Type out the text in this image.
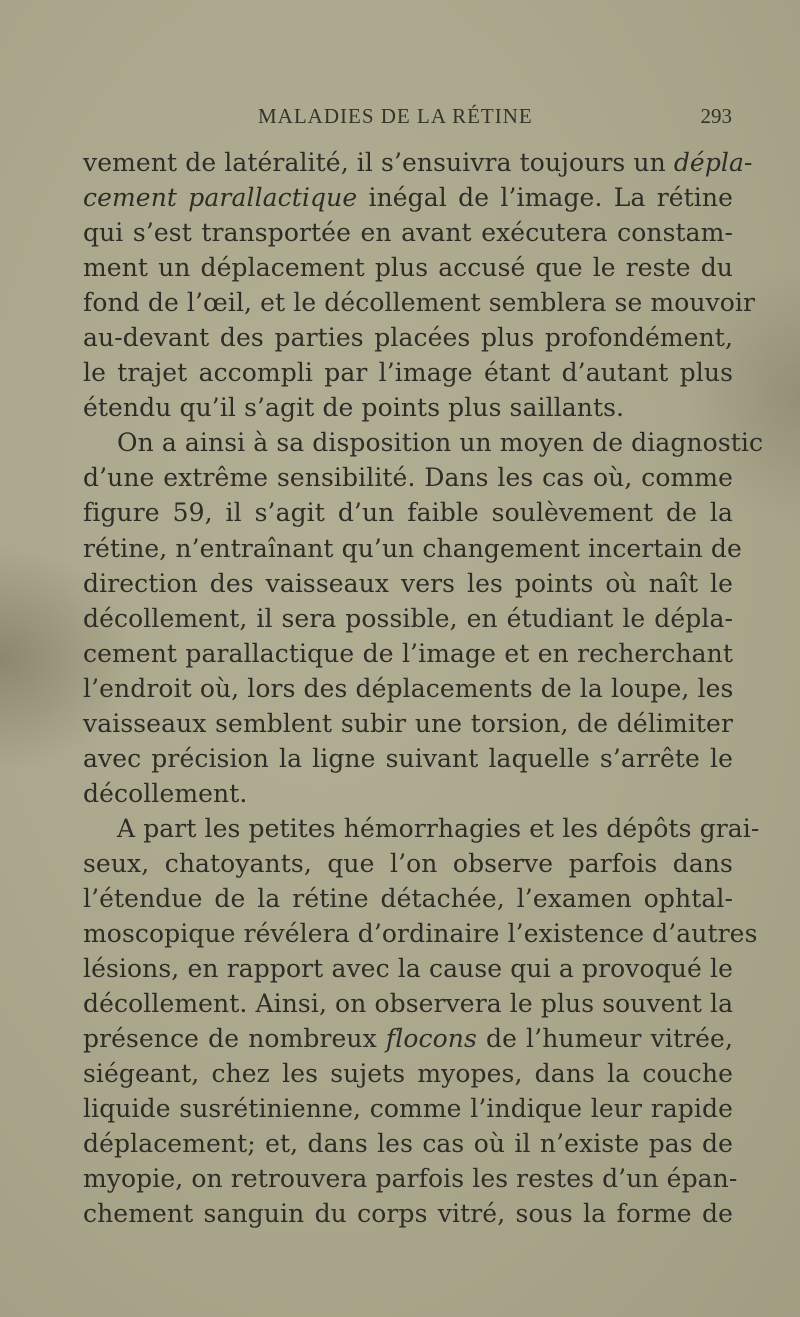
MALADIES DE LA RÉTINE	293
vement de latéralité, il s’ensuivra toujours un dépla-
cement parallactique inégal de l’image. La rétine
qui s’est transportée en avant exécutera constam-
ment un déplacement plus accusé que le reste du
fond de l’œil, et le décollement semblera se mouvoir
au-devant des parties placées plus profondément,
le trajet accompli par l’image étant d’autant plus
étendu qu’il s’agit de points plus saillants.
On a ainsi à sa disposition un moyen de diagnostic
d’une extrême sensibilité. Dans les cas où, comme
figure 59, il s’agit d’un faible soulèvement de la
rétine, n’entraînant qu’un changement incertain de
direction des vaisseaux vers les points où naît le
décollement, il sera possible, en étudiant le dépla-
cement parallactique de l’image et en recherchant
l’endroit où, lors des déplacements de la loupe, les
vaisseaux semblent subir une torsion, de délimiter
avec précision la ligne suivant laquelle s’arrête le
décollement.
A part les petites hémorrhagies et les dépôts grai-
seux, chatoyants, que l’on observe parfois dans
l’étendue de la rétine détachée, l’examen ophtal-
moscopique révélera d’ordinaire l’existence d’autres
lésions, en rapport avec la cause qui a provoqué le
décollement. Ainsi, on observera le plus souvent la
présence de nombreux flocons de l’humeur vitrée,
siégeant, chez les sujets myopes, dans la couche
liquide susrétinienne, comme l’indique leur rapide
déplacement; et, dans les cas où il n’existe pas de
myopie, on retrouvera parfois les restes d’un épan-
chement sanguin du corps vitré, sous la forme de
